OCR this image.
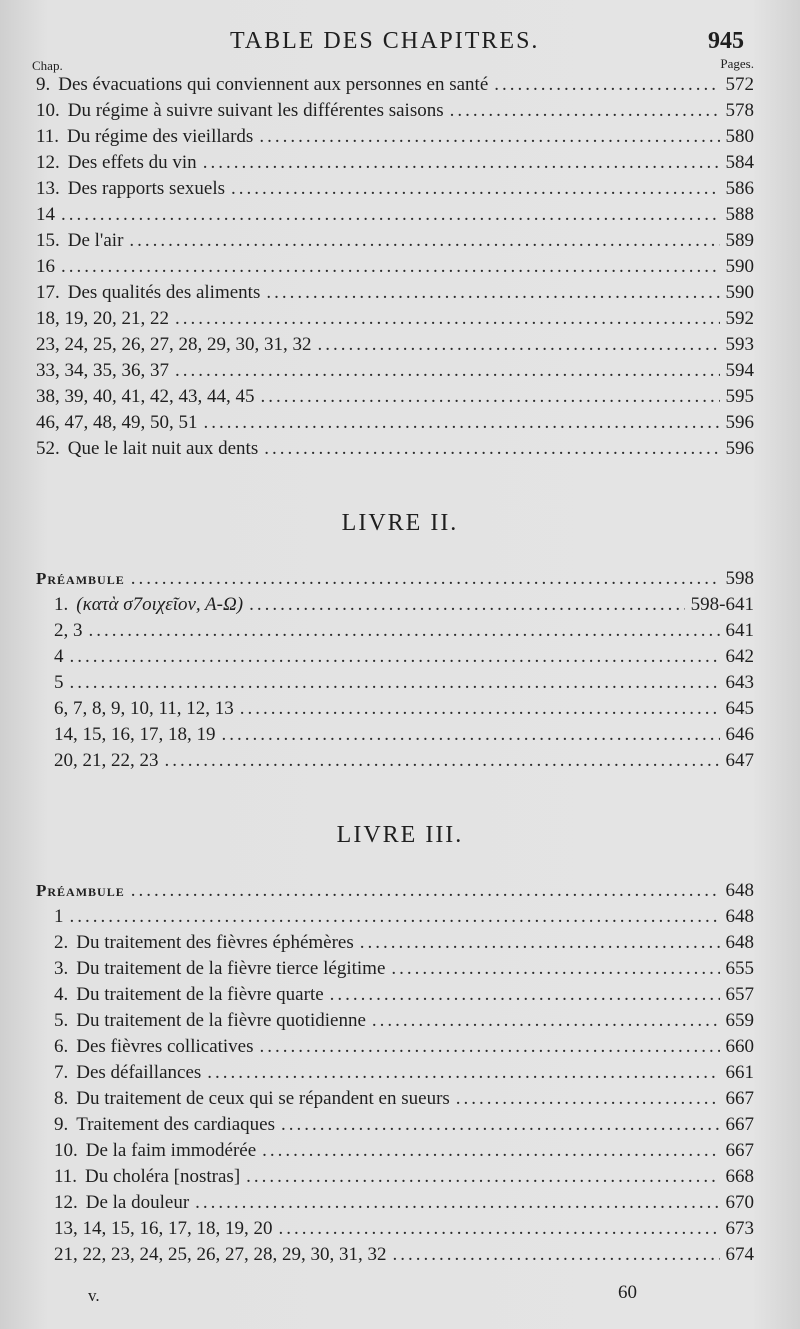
TABLE DES CHAPITRES.	945
Chap.	Pages.
9. Des évacuations qui conviennent aux personnes en santé .....	572
10. Du régime à suivre suivant les différentes saisons .....	578
11. Du régime des vieillards .....	580
12. Des effets du vin .....	584
13. Des rapports sexuels .....	586
14 .....	588
15. De l'air .....	589
16 .....	590
17. Des qualités des aliments .....	590
18, 19, 20, 21, 22 .....	592
23, 24, 25, 26, 27, 28, 29, 30, 31, 32 .....	593
33, 34, 35, 36, 37 .....	594
38, 39, 40, 41, 42, 43, 44, 45 .....	595
46, 47, 48, 49, 50, 51 .....	596
52. Que le lait nuit aux dents .....	596
LIVRE II.
Préambule .....	598
1. (κατὰ σ7οιχεῖον, Α-Ω) .....	598-641
2, 3 .....	641
4 .....	642
5 .....	643
6, 7, 8, 9, 10, 11, 12, 13 .....	645
14, 15, 16, 17, 18, 19 .....	646
20, 21, 22, 23 .....	647
LIVRE III.
Préambule .....	648
1 .....	648
2. Du traitement des fièvres éphémères .....	648
3. Du traitement de la fièvre tierce légitime .....	655
4. Du traitement de la fièvre quarte .....	657
5. Du traitement de la fièvre quotidienne .....	659
6. Des fièvres collicatives .....	660
7. Des défaillances .....	661
8. Du traitement de ceux qui se répandent en sueurs .....	667
9. Traitement des cardiaques .....	667
10. De la faim immodérée .....	667
11. Du choléra [nostras] .....	668
12. De la douleur .....	670
13, 14, 15, 16, 17, 18, 19, 20 .....	673
21, 22, 23, 24, 25, 26, 27, 28, 29, 30, 31, 32 .....	674
v.	60
